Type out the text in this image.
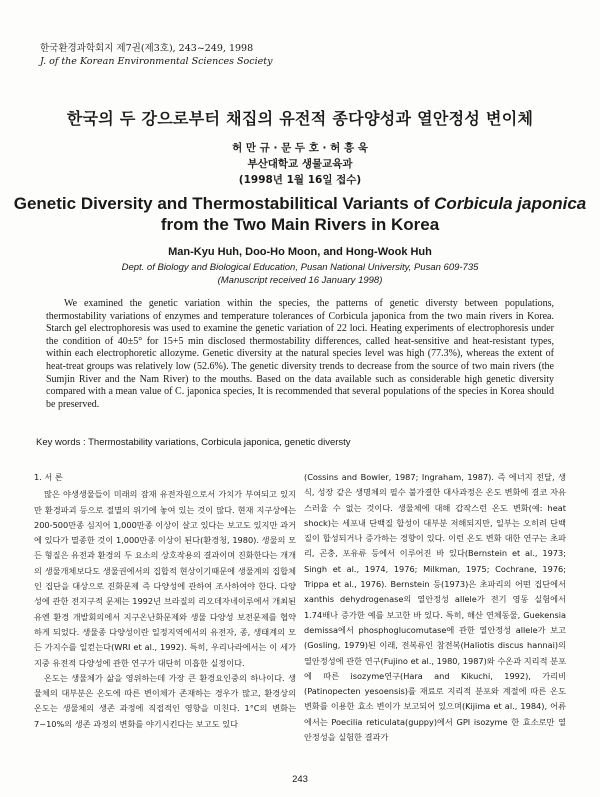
한국환경과학회지 제7권(제3호), 243~249, 1998
J. of the Korean Environmental Sciences Society
한국의 두 강으로부터 채집의 유전적 종다양성과 열안정성 변이체
허 만 규 · 문 두 호 · 허 흥 욱
부산대학교 생물교육과
(1998년 1월 16일 접수)
Genetic Diversity and Thermostabilitical Variants of Corbicula japonica
from the Two Main Rivers in Korea
Man-Kyu Huh, Doo-Ho Moon, and Hong-Wook Huh
Dept. of Biology and Biological Education, Pusan National University, Pusan 609-735
(Manuscript received 16 January 1998)

We examined the genetic variation within the species, the patterns of genetic diversty between populations, thermostability variations of enzymes and temperature tolerances of Corbicula japonica from the two main rivers in Korea. Starch gel electrophoresis was used to examine the genetic variation of 22 loci. Heating experiments of electrophoresis under the condition of 40±5° for 15+5 min disclosed thermostability differences, called heat-sensitive and heat-resistant types, within each electrophoretic allozyme. Genetic diversity at the natural species level was high (77.3%), whereas the extent of heat-treat groups was relatively low (52.6%). The genetic diversity trends to decrease from the source of two main rivers (the Sumjin River and the Nam River) to the mouths. Based on the data available such as considerable high genetic diversity compared with a mean value of C. japonica species, It is recommended that several populations of the species in Korea should be preserved.

Key words : Thermostability variations, Corbicula japonica, genetic diversty

1. 서 론

많은 야생생물들이 미래의 잠재 유전자원으로서 가치가 부여되고 있지만 환경파괴 등으로 절멸의 위기에 놓여 있는 것이 많다. 현재 지구상에는 200-500만종 심지어 1,000만종 이상이 살고 있다는 보고도 있지만 과거에 있다가 멸종한 것이 1,000만종 이상이 된다(환경청, 1980). 생물의 모든 형질은 유전과 환경의 두 요소의 상호작용의 결과이며 진화한다는 개개의 생물개체보다도 생물권에서의 집합적 현상이기때문에 생물계의 집합체인 집단을 대상으로 진화문제 즉 다양성에 관하여 조사하여야 한다. 다양성에 관한 전지구적 문제는 1992년 브라질의 리오데자네이루에서 개최된 유엔 환경 개발회의에서 지구온난화문제와 생물 다양성 보전문제를 협약하게 되었다. 생물종 다양성이란 일정지역에서의 유전자, 종, 생태계의 모든 가지수를 일컫는다(WRI et al., 1992). 특히, 우리나라에서는 이 세가지중 유전적 다양성에 관한 연구가 대단히 미흡한 실정이다.

온도는 생물체가 삶을 영위하는데 가장 큰 환경요인중의 하나이다. 생물체의 대부분은 온도에 따른 변이체가 존재하는 경우가 많고, 환경상의 온도는 생물체의 생존 과정에 직접적인 영향을 미친다. 1°C의 변화는 7~10%의 생존 과정의 변화를 야기시킨다는 보고도 있다

(Cossins and Bowler, 1987; Ingraham, 1987). 즉 에너지 전달, 생식, 성장 같은 생명체의 필수 불가결한 대사과정은 온도 변화에 결코 자유스러울 수 없는 것이다. 생물체에 대해 갑작스런 온도 변화(예: heat shock)는 세포내 단백질 합성이 대부분 저해되지만, 일부는 오히려 단백질이 합성되거나 증가하는 경향이 있다. 이런 온도 변화 대한 연구는 초파리, 곤충, 포유류 등에서 이루어진 바 있다(Bernstein et al., 1973; Singh et al., 1974, 1976; Milkman, 1975; Cochrane, 1976; Trippa et al., 1976). Bernstein 등(1973)은 초파리의 어떤 집단에서 xanthis dehydrogenase의 열안정성 allele가 전기 영동 실험에서 1.74배나 증가한 예를 보고한 바 있다. 특히, 해산 연체동물, Guekensia demissa에서 phosphoglucomutase에 관한 열안정성 allele가 보고(Gosling, 1979)된 이래, 전복류인 참전복(Haliotis discus hannai)의 열안정성에 관한 연구(Fujino et al., 1980, 1987)와 수온과 지리적 분포에 따른 isozyme연구(Hara and Kikuchi, 1992), 가리비(Patinopecten yesoensis)를 재료로 지리적 분포와 계절에 따른 온도 변화를 이용한 효소 변이가 보고되어 있으며(Kijima et al., 1984), 어류에서는 Poecilia reticulata(guppy)에서 GPI isozyme 한 효소로만 열안정성을 실험한 결과가

243
